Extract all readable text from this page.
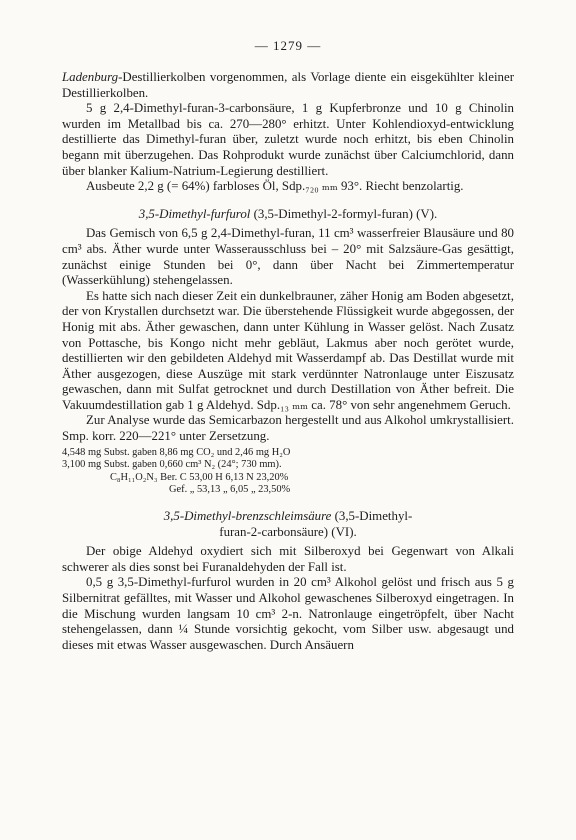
— 1279 —

Ladenburg-Destillierkolben vorgenommen, als Vorlage diente ein eisgekühlter kleiner Destillierkolben.

5 g 2,4-Dimethyl-furan-3-carbonsäure, 1 g Kupferbronze und 10 g Chinolin wurden im Metallbad bis ca. 270—280° erhitzt. Unter Kohlendioxyd-entwicklung destillierte das Dimethyl-furan über, zuletzt wurde noch erhitzt, bis eben Chinolin begann mit überzugehen. Das Rohprodukt wurde zunächst über Calciumchlorid, dann über blanker Kalium-Natrium-Legierung destilliert.

Ausbeute 2,2 g (= 64%) farbloses Öl, Sdp.₇₂₀ ₘₘ 93°. Riecht benzolartig.

3,5-Dimethyl-furfurol (3,5-Dimethyl-2-formyl-furan) (V).

Das Gemisch von 6,5 g 2,4-Dimethyl-furan, 11 cm³ wasserfreier Blausäure und 80 cm³ abs. Äther wurde unter Wasserausschluss bei – 20° mit Salzsäure-Gas gesättigt, zunächst einige Stunden bei 0°, dann über Nacht bei Zimmertemperatur (Wasserkühlung) stehengelassen.

Es hatte sich nach dieser Zeit ein dunkelbrauner, zäher Honig am Boden abgesetzt, der von Krystallen durchsetzt war. Die überstehende Flüssigkeit wurde abgegossen, der Honig mit abs. Äther gewaschen, dann unter Kühlung in Wasser gelöst. Nach Zusatz von Pottasche, bis Kongo nicht mehr gebläut, Lakmus aber noch gerötet wurde, destillierten wir den gebildeten Aldehyd mit Wasserdampf ab. Das Destillat wurde mit Äther ausgezogen, diese Auszüge mit stark verdünnter Natronlauge unter Eiszusatz gewaschen, dann mit Sulfat getrocknet und durch Destillation von Äther befreit. Die Vakuumdestillation gab 1 g Aldehyd. Sdp.₁₃ ₘₘ ca. 78° von sehr angenehmem Geruch.

Zur Analyse wurde das Semicarbazon hergestellt und aus Alkohol umkrystallisiert. Smp. korr. 220—221° unter Zersetzung.

4,548 mg Subst. gaben 8,86 mg CO₂ und 2,46 mg H₂O
3,100 mg Subst. gaben 0,660 cm³ N₂ (24°; 730 mm).
C₈H₁₁O₂N₃ Ber. C 53,00 H 6,13 N 23,20%
Gef. „ 53,13 „ 6,05 „ 23,50%
3,5-Dimethyl-brenzschleimsäure (3,5-Dimethyl-
furan-2-carbonsäure) (VI).

Der obige Aldehyd oxydiert sich mit Silberoxyd bei Gegenwart von Alkali schwerer als dies sonst bei Furanaldehyden der Fall ist.

0,5 g 3,5-Dimethyl-furfurol wurden in 20 cm³ Alkohol gelöst und frisch aus 5 g Silbernitrat gefälltes, mit Wasser und Alkohol gewaschenes Silberoxyd eingetragen. In die Mischung wurden langsam 10 cm³ 2-n. Natronlauge eingetröpfelt, über Nacht stehengelassen, dann ¼ Stunde vorsichtig gekocht, vom Silber usw. abgesaugt und dieses mit etwas Wasser ausgewaschen. Durch Ansäuern
